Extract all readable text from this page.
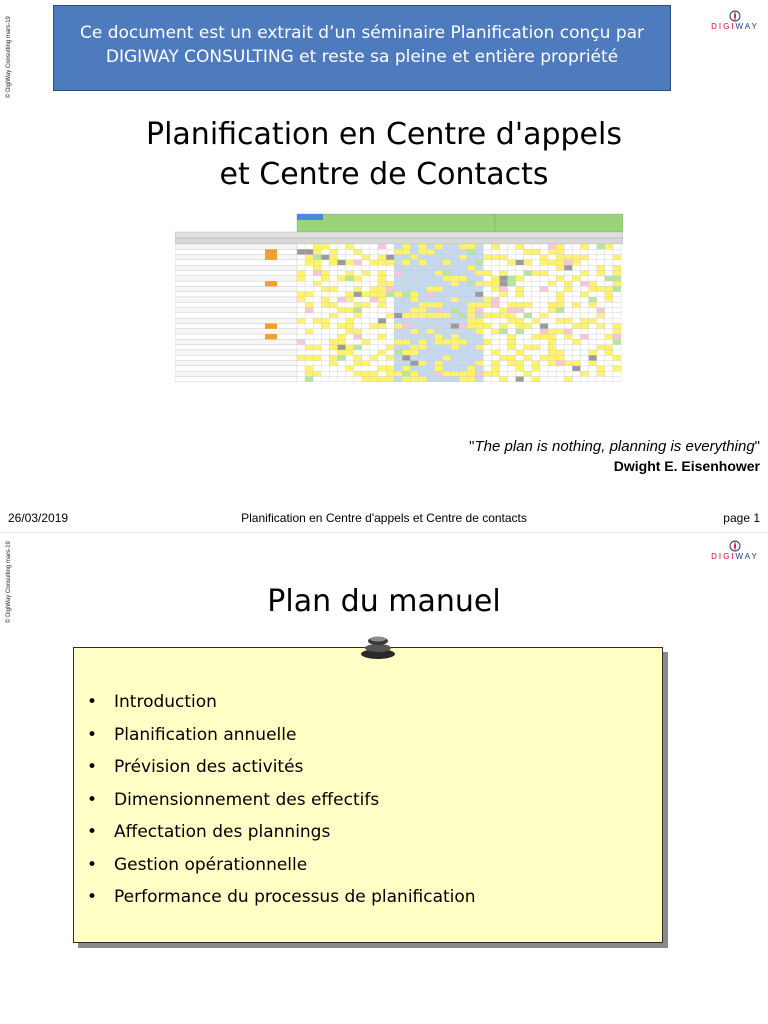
© DigiWay Consulting mars-19	Ce document est un extrait d’un séminaire Planification conçu par
DIGIWAY CONSULTING et reste sa pleine et entière propriété
DIGIWAY
Planification en Centre d'appels
et Centre de Contacts
"The plan is nothing, planning is everything"
Dwight E. Eisenhower
26/03/2019	Planification en Centre d'appels et Centre de contacts	page 1
© DigiWay Consulting mars-19	DIGIWAY
Plan du manuel
• Introduction
• Planification annuelle
• Prévision des activités
• Dimensionnement des effectifs
• Affectation des plannings
• Gestion opérationnelle
• Performance du processus de planification
